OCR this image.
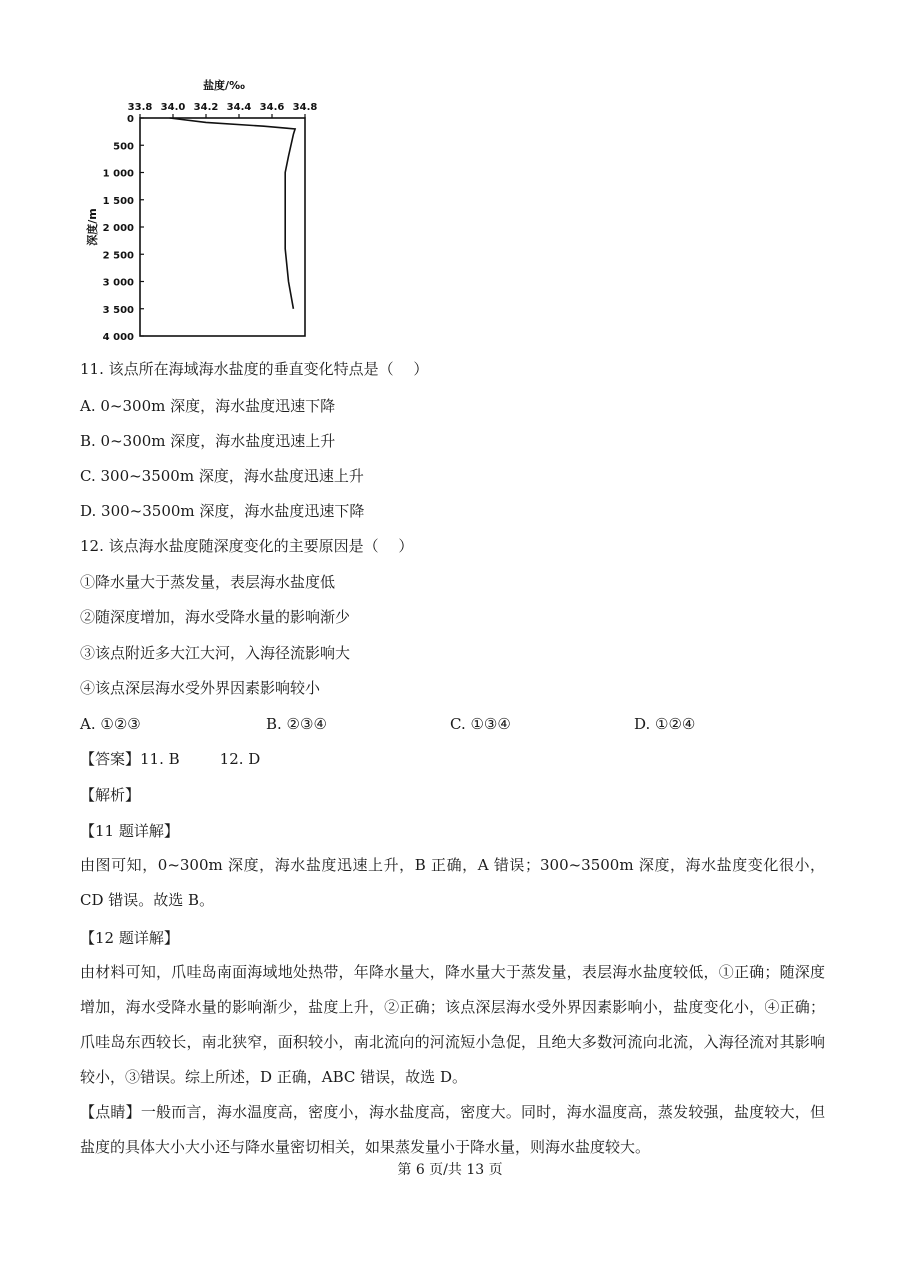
盐度/‰
33.8 34.0 34.2 34.4 34.6 34.8
0
500
1 000
1 500
2 000
2 500
3 000
3 500
4 000
深度/m
11. 该点所在海域海水盐度的垂直变化特点是（　 ）
A. 0~300m 深度，海水盐度迅速下降
B. 0~300m 深度，海水盐度迅速上升
C. 300~3500m 深度，海水盐度迅速上升
D. 300~3500m 深度，海水盐度迅速下降
12. 该点海水盐度随深度变化的主要原因是（　 ）
①降水量大于蒸发量，表层海水盐度低
②随深度增加，海水受降水量的影响渐少
③该点附近多大江大河，入海径流影响大
④该点深层海水受外界因素影响较小
A. ①②③	B. ②③④	C. ①③④	D. ①②④
【答案】11. B	12. D
【解析】
【11 题详解】
由图可知，0~300m 深度，海水盐度迅速上升，B 正确，A 错误；300~3500m 深度，海水盐度变化很小，CD 错误。故选 B。
【12 题详解】
由材料可知，爪哇岛南面海域地处热带，年降水量大，降水量大于蒸发量，表层海水盐度较低，①正确；随深度增加，海水受降水量的影响渐少，盐度上升，②正确；该点深层海水受外界因素影响小，盐度变化小，④正确；爪哇岛东西较长，南北狭窄，面积较小，南北流向的河流短小急促，且绝大多数河流向北流，入海径流对其影响较小，③错误。综上所述，D 正确，ABC 错误，故选 D。
【点睛】一般而言，海水温度高，密度小，海水盐度高，密度大。同时，海水温度高，蒸发较强，盐度较大，但盐度的具体大小大小还与降水量密切相关，如果蒸发量小于降水量，则海水盐度较大。
第 6 页/共 13 页
